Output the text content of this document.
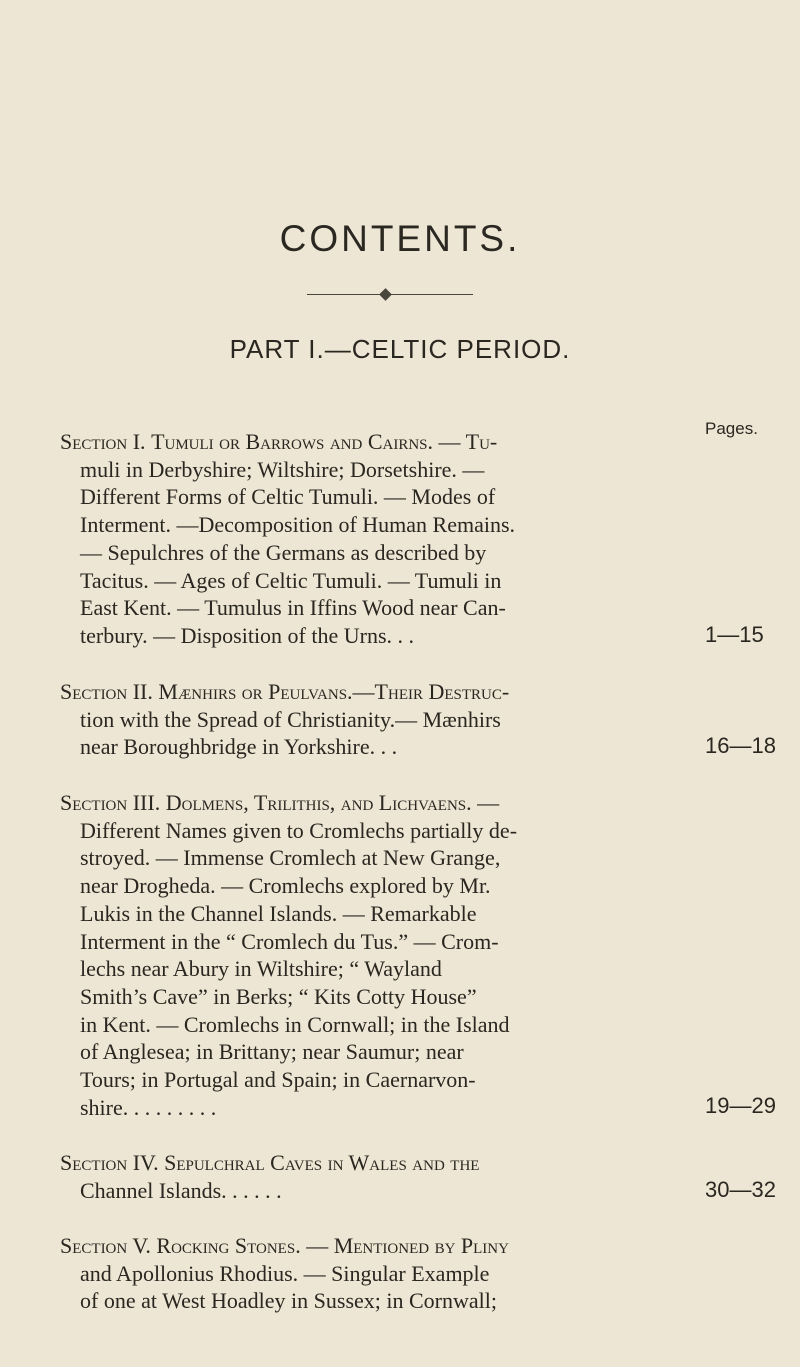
CONTENTS.
PART I.—CELTIC PERIOD.
Pages.
Section I. Tumuli or Barrows and Cairns. — Tu-
muli in Derbyshire; Wiltshire; Dorsetshire. —
Different Forms of Celtic Tumuli. — Modes of
Interment. —Decomposition of Human Remains.
— Sepulchres of the Germans as described by
Tacitus. — Ages of Celtic Tumuli. — Tumuli in
East Kent. — Tumulus in Iffins Wood near Can-
terbury. — Disposition of the Urns. . .	1—15
Section II. Mænhirs or Peulvans.—Their Destruc-
tion with the Spread of Christianity.— Mænhirs
near Boroughbridge in Yorkshire. . .	16—18
Section III. Dolmens, Trilithis, and Lichvaens. —
Different Names given to Cromlechs partially de-
stroyed. — Immense Cromlech at New Grange,
near Drogheda. — Cromlechs explored by Mr.
Lukis in the Channel Islands. — Remarkable
Interment in the “ Cromlech du Tus.” — Crom-
lechs near Abury in Wiltshire; “ Wayland
Smith’s Cave” in Berks; “ Kits Cotty House”
in Kent. — Cromlechs in Cornwall; in the Island
of Anglesea; in Brittany; near Saumur; near
Tours; in Portugal and Spain; in Caernarvon-
shire. . . . . . . . .	19—29
Section IV. Sepulchral Caves in Wales and the
Channel Islands. . . . . .	30—32
Section V. Rocking Stones. — Mentioned by Pliny
and Apollonius Rhodius. — Singular Example
of one at West Hoadley in Sussex; in Cornwall;
